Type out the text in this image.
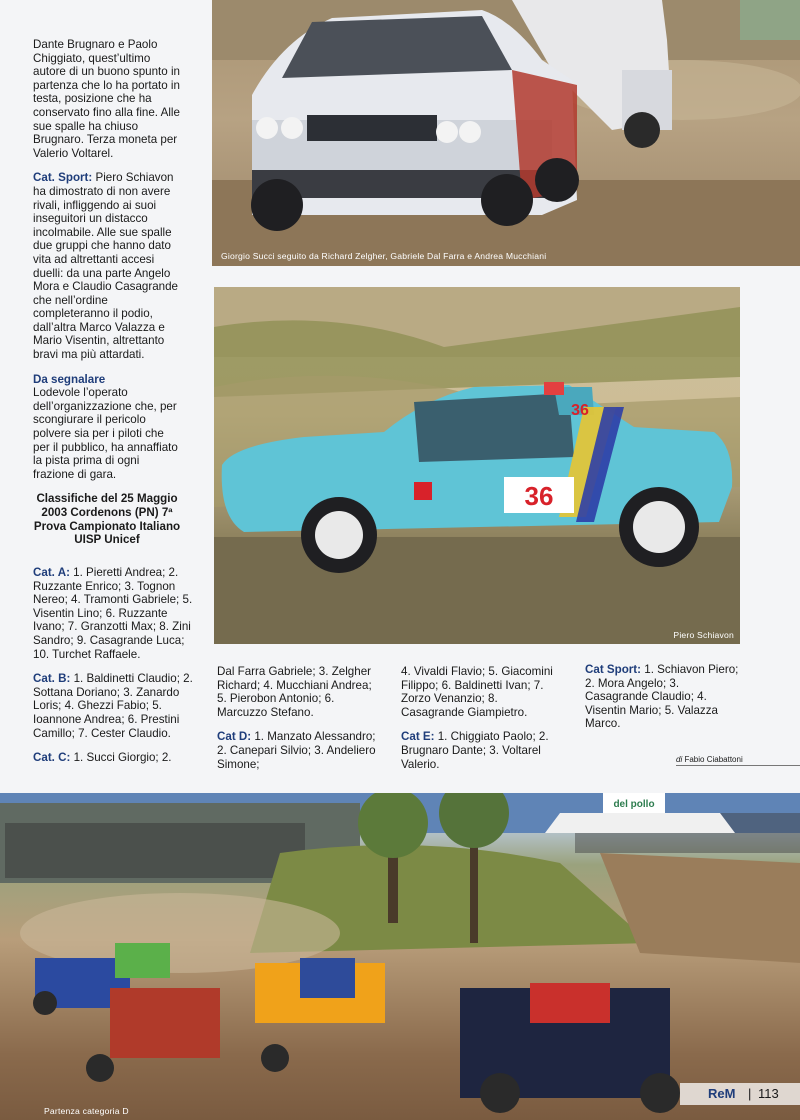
Dante Brugnaro e Paolo Chiggiato, quest’ultimo autore di un buono spunto in partenza che lo ha portato in testa, posizione che ha conservato fino alla fine. Alle sue spalle ha chiuso Brugnaro. Terza moneta per Valerio Voltarel.

Cat. Sport: Piero Schiavon ha dimostrato di non avere rivali, infliggendo ai suoi inseguitori un distacco incolmabile. Alle sue spalle due gruppi che hanno dato vita ad altrettanti accesi duelli: da una parte Angelo Mora e Claudio Casagrande che nell’ordine completeranno il podio, dall’altra Marco Valazza e Mario Visentin, altrettanto bravi ma più attardati.

Da segnalare
Lodevole l’operato dell’organizzazione che, per scongiurare il pericolo polvere sia per i piloti che per il pubblico, ha annaffiato la pista prima di ogni frazione di gara.

Classifiche del 25 Maggio 2003 Cordenons (PN) 7ª Prova Campionato Italiano UISP Unicef

Cat. A: 1. Pieretti Andrea; 2. Ruzzante Enrico; 3. Tognon Nereo; 4. Tramonti Gabriele; 5. Visentin Lino; 6. Ruzzante Ivano; 7. Granzotti Max; 8. Zini Sandro; 9. Casagrande Luca; 10. Turchet Raffaele.

Cat. B: 1. Baldinetti Claudio; 2. Sottana Doriano; 3. Zanardo Loris; 4. Ghezzi Fabio; 5. Ioannone Andrea; 6. Prestini Camillo; 7. Cester Claudio.

Cat. C: 1. Succi Giorgio; 2.

Dal Farra Gabriele; 3. Zelgher Richard; 4. Mucchiani Andrea; 5. Pierobon Antonio; 6. Marcuzzo Stefano.

Cat D: 1. Manzato Alessandro; 2. Canepari Silvio; 3. Andeliero Simone;

4. Vivaldi Flavio; 5. Giacomini Filippo; 6. Baldinetti Ivan; 7. Zorzo Venanzio; 8. Casagrande Giampietro.

Cat E: 1. Chiggiato Paolo; 2. Brugnaro Dante; 3. Voltarel Valerio.

Cat Sport: 1. Schiavon Piero; 2. Mora Angelo; 3. Casagrande Claudio; 4. Visentin Mario; 5. Valazza Marco.

di Fabio Ciabattoni
Giorgio Succi seguito da Richard Zelgher, Gabriele Dal Farra e Andrea Mucchiani
36
36
Piero Schiavon
del pollo
Partenza categoria D
ReM | 113
